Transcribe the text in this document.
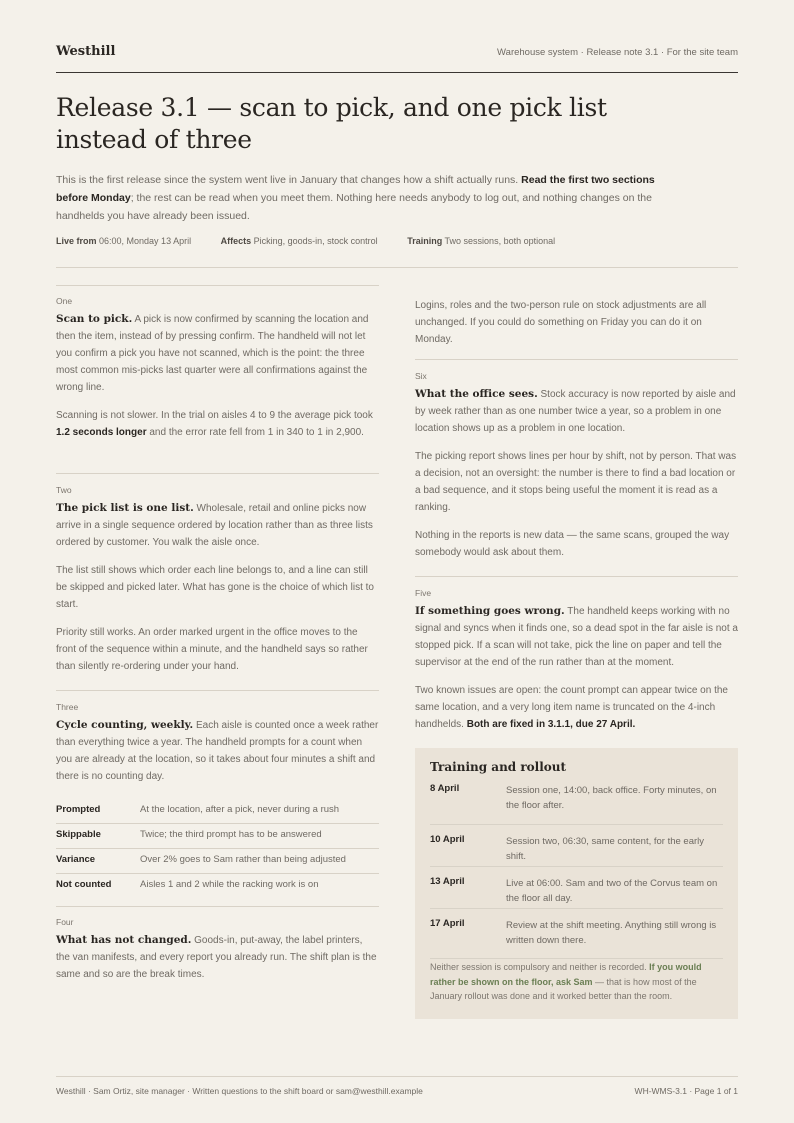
Westhill	Warehouse system · Release note 3.1 · For the site team
Release 3.1 — scan to pick, and one pick list instead of three

This is the first release since the system went live in January that changes how a shift actually runs. Read the first two sections before Monday; the rest can be read when you meet them. Nothing here needs anybody to log out, and nothing changes on the handhelds you have already been issued.

Live from 06:00, Monday 13 April	Affects Picking, goods-in, stock control	Training Two sessions, both optional
One

Scan to pick. A pick is now confirmed by scanning the location and then the item, instead of by pressing confirm. The handheld will not let you confirm a pick you have not scanned, which is the point: the three most common mis-picks last quarter were all confirmations against the wrong line.

Scanning is not slower. In the trial on aisles 4 to 9 the average pick took 1.2 seconds longer and the error rate fell from 1 in 340 to 1 in 2,900.

Two

The pick list is one list. Wholesale, retail and online picks now arrive in a single sequence ordered by location rather than as three lists ordered by customer. You walk the aisle once.

The list still shows which order each line belongs to, and a line can still be skipped and picked later. What has gone is the choice of which list to start.

Priority still works. An order marked urgent in the office moves to the front of the sequence within a minute, and the handheld says so rather than silently re-ordering under your hand.

Three

Cycle counting, weekly. Each aisle is counted once a week rather than everything twice a year. The handheld prompts for a count when you are already at the location, so it takes about four minutes a shift and there is no counting day.

Prompted	At the location, after a pick, never during a rush
Skippable	Twice; the third prompt has to be answered
Variance	Over 2% goes to Sam rather than being adjusted
Not counted	Aisles 1 and 2 while the racking work is on
Four

What has not changed. Goods-in, put-away, the label printers, the van manifests, and every report you already run. The shift plan is the same and so are the break times.

Logins, roles and the two-person rule on stock adjustments are all unchanged. If you could do something on Friday you can do it on Monday.

Six

What the office sees. Stock accuracy is now reported by aisle and by week rather than as one number twice a year, so a problem in one location shows up as a problem in one location.

The picking report shows lines per hour by shift, not by person. That was a decision, not an oversight: the number is there to find a bad location or a bad sequence, and it stops being useful the moment it is read as a ranking.

Nothing in the reports is new data — the same scans, grouped the way somebody would ask about them.

Five

If something goes wrong. The handheld keeps working with no signal and syncs when it finds one, so a dead spot in the far aisle is not a stopped pick. If a scan will not take, pick the line on paper and tell the supervisor at the end of the run rather than at the moment.

Two known issues are open: the count prompt can appear twice on the same location, and a very long item name is truncated on the 4-inch handhelds. Both are fixed in 3.1.1, due 27 April.

Training and rollout
8 April	Session one, 14:00, back office. Forty minutes, on the floor after.
10 April	Session two, 06:30, same content, for the early shift.
13 April	Live at 06:00. Sam and two of the Corvus team on the floor all day.
17 April	Review at the shift meeting. Anything still wrong is written down there.

Neither session is compulsory and neither is recorded. If you would rather be shown on the floor, ask Sam — that is how most of the January rollout was done and it worked better than the room.

Westhill · Sam Ortiz, site manager · Written questions to the shift board or sam@westhill.example	WH-WMS-3.1 · Page 1 of 1
